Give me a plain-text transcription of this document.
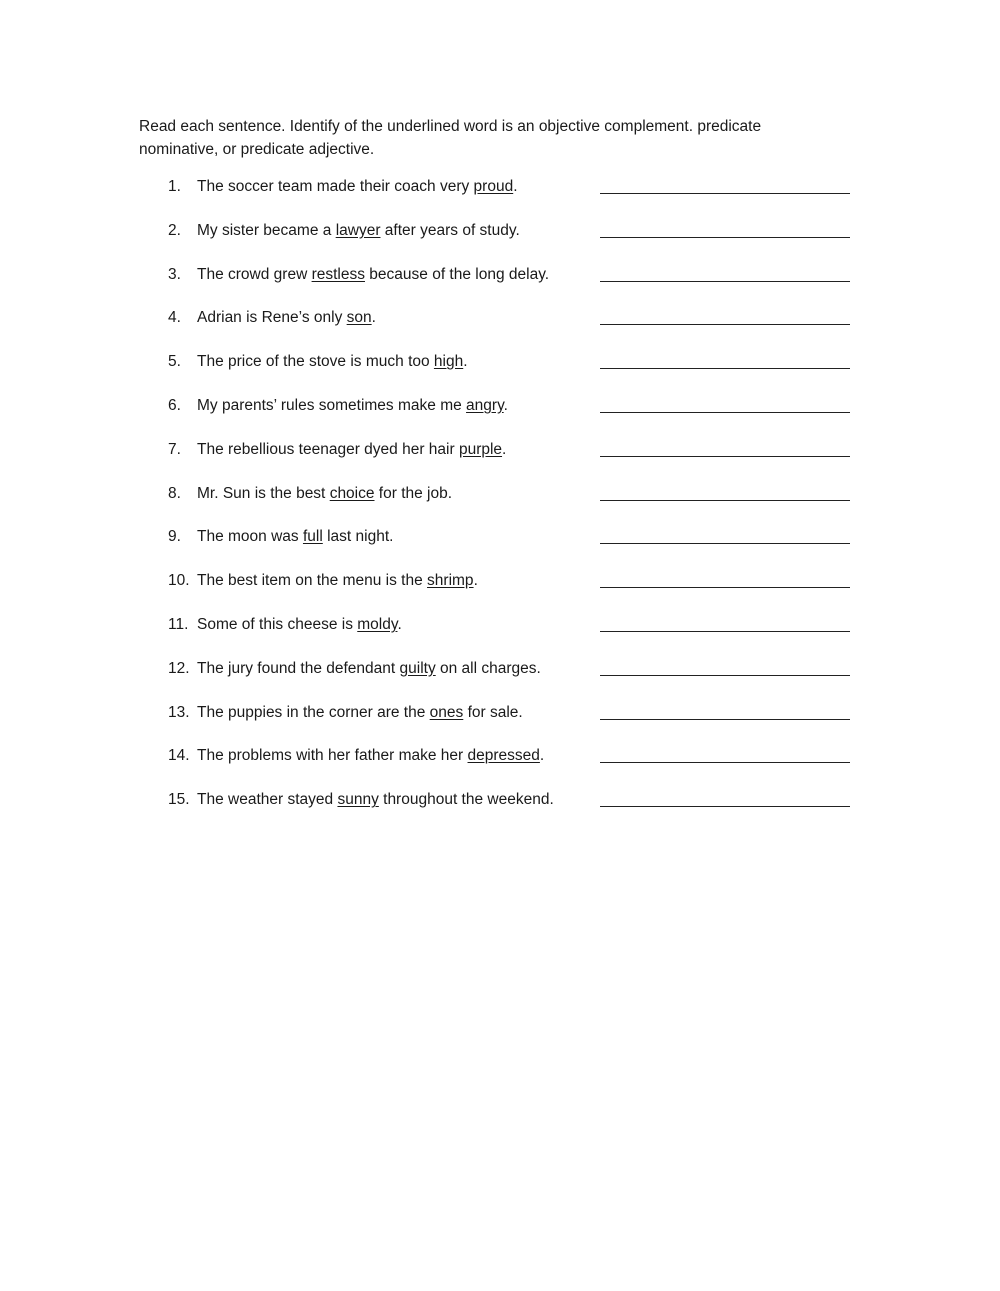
Read each sentence. Identify of the underlined word is an objective complement. predicate nominative, or predicate adjective.

1. The soccer team made their coach very proud.
2. My sister became a lawyer after years of study.
3. The crowd grew restless because of the long delay.
4. Adrian is Rene’s only son.
5. The price of the stove is much too high.
6. My parents’ rules sometimes make me angry.
7. The rebellious teenager dyed her hair purple.
8. Mr. Sun is the best choice for the job.
9. The moon was full last night.
10. The best item on the menu is the shrimp.
11. Some of this cheese is moldy.
12. The jury found the defendant guilty on all charges.
13. The puppies in the corner are the ones for sale.
14. The problems with her father make her depressed.
15. The weather stayed sunny throughout the weekend.
